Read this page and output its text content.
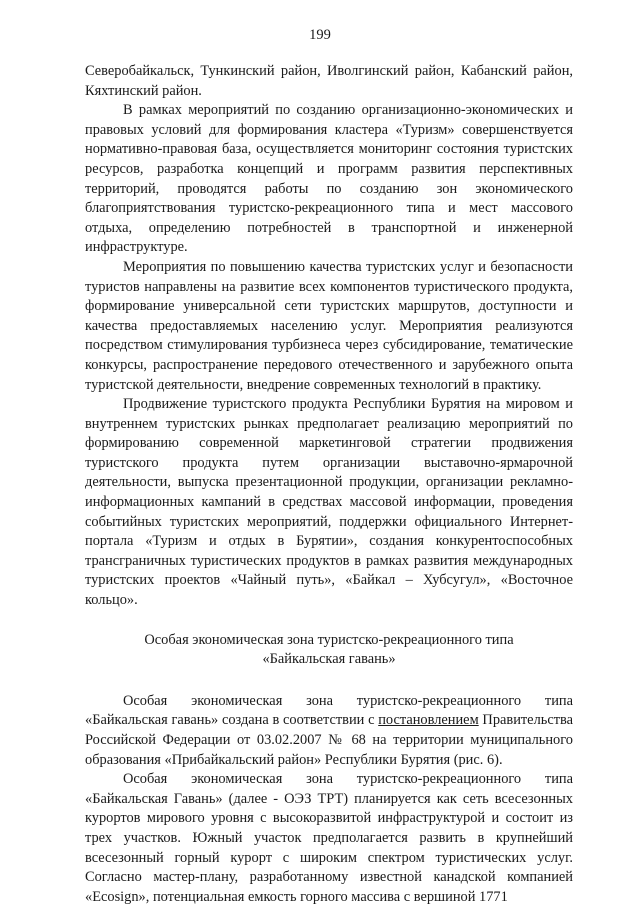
199

Северобайкальск, Тункинский район, Иволгинский район, Кабанский район, Кяхтинский район.

В рамках мероприятий по созданию организационно-экономических и правовых условий для формирования кластера «Туризм» совершенствуется нормативно-правовая база, осуществляется мониторинг состояния туристских ресурсов, разработка концепций и программ развития перспективных территорий, проводятся работы по созданию зон экономического благоприятствования туристско-рекреационного типа и мест массового отдыха, определению потребностей в транспортной и инженерной инфраструктуре.

Мероприятия по повышению качества туристских услуг и безопасности туристов направлены на развитие всех компонентов туристического продукта, формирование универсальной сети туристских маршрутов, доступности и качества предоставляемых населению услуг. Мероприятия реализуются посредством стимулирования турбизнеса через субсидирование, тематические конкурсы, распространение передового отечественного и зарубежного опыта туристской деятельности, внедрение современных технологий в практику.

Продвижение туристского продукта Республики Бурятия на мировом и внутреннем туристских рынках предполагает реализацию мероприятий по формированию современной маркетинговой стратегии продвижения туристского продукта путем организации выставочно-ярмарочной деятельности, выпуска презентационной продукции, организации рекламно-информационных кампаний в средствах массовой информации, проведения событийных туристских мероприятий, поддержки официального Интернет-портала «Туризм и отдых в Бурятии», создания конкурентоспособных трансграничных туристических продуктов в рамках развития международных туристских проектов «Чайный путь», «Байкал – Хубсугул», «Восточное кольцо».

Особая экономическая зона туристско-рекреационного типа
«Байкальская гавань»

Особая экономическая зона туристско-рекреационного типа «Байкальская гавань» создана в соответствии с постановлением Правительства Российской Федерации от 03.02.2007 № 68 на территории муниципального образования «Прибайкальский район» Республики Бурятия (рис. 6).

Особая экономическая зона туристско-рекреационного типа «Байкальская Гавань» (далее - ОЭЗ ТРТ) планируется как сеть всесезонных курортов мирового уровня с высокоразвитой инфраструктурой и состоит из трех участков. Южный участок предполагается развить в крупнейший всесезонный горный курорт с широким спектром туристических услуг. Согласно мастер-плану, разработанному известной канадской компанией «Ecosign», потенциальная емкость горного массива с вершиной 1771
